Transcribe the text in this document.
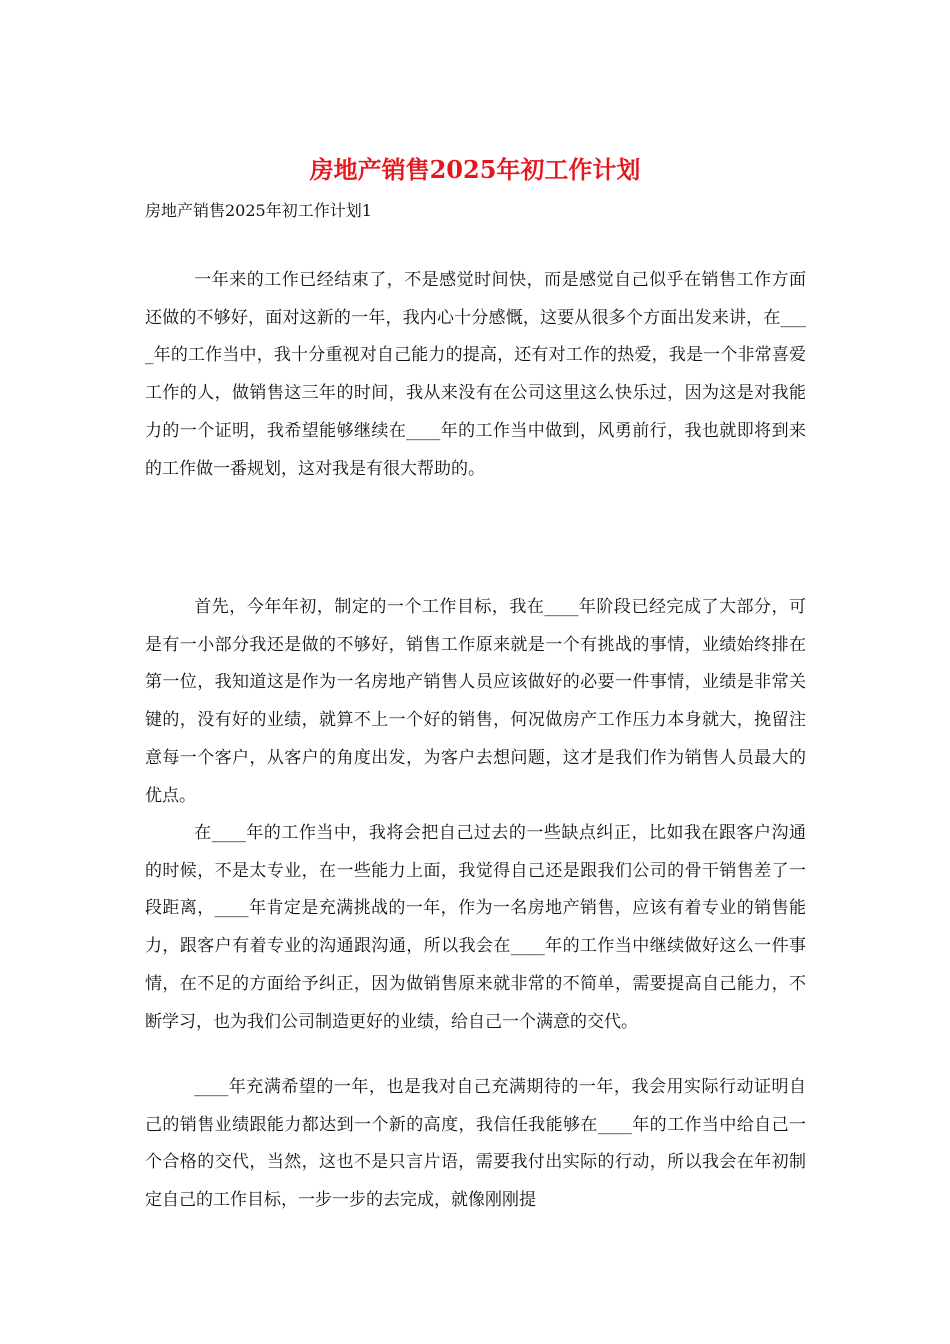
房地产销售2025年初工作计划

房地产销售2025年初工作计划1

一年来的工作已经结束了，不是感觉时间快，而是感觉自己似乎在销售工作方面还做的不够好，面对这新的一年，我内心十分感慨，这要从很多个方面出发来讲，在____年的工作当中，我十分重视对自己能力的提高，还有对工作的热爱，我是一个非常喜爱工作的人，做销售这三年的时间，我从来没有在公司这里这么快乐过，因为这是对我能力的一个证明，我希望能够继续在____年的工作当中做到，风勇前行，我也就即将到来的工作做一番规划，这对我是有很大帮助的。

首先，今年年初，制定的一个工作目标，我在____年阶段已经完成了大部分，可是有一小部分我还是做的不够好，销售工作原来就是一个有挑战的事情，业绩始终排在第一位，我知道这是作为一名房地产销售人员应该做好的必要一件事情，业绩是非常关键的，没有好的业绩，就算不上一个好的销售，何况做房产工作压力本身就大，挽留注意每一个客户，从客户的角度出发，为客户去想问题，这才是我们作为销售人员最大的优点。

在____年的工作当中，我将会把自己过去的一些缺点纠正，比如我在跟客户沟通的时候，不是太专业，在一些能力上面，我觉得自己还是跟我们公司的骨干销售差了一段距离，____年肯定是充满挑战的一年，作为一名房地产销售，应该有着专业的销售能力，跟客户有着专业的沟通跟沟通，所以我会在____年的工作当中继续做好这么一件事情，在不足的方面给予纠正，因为做销售原来就非常的不简单，需要提高自己能力，不断学习，也为我们公司制造更好的业绩，给自己一个满意的交代。

____年充满希望的一年，也是我对自己充满期待的一年，我会用实际行动证明自己的销售业绩跟能力都达到一个新的高度，我信任我能够在____年的工作当中给自己一个合格的交代，当然，这也不是只言片语，需要我付出实际的行动，所以我会在年初制定自己的工作目标，一步一步的去完成，就像刚刚提
